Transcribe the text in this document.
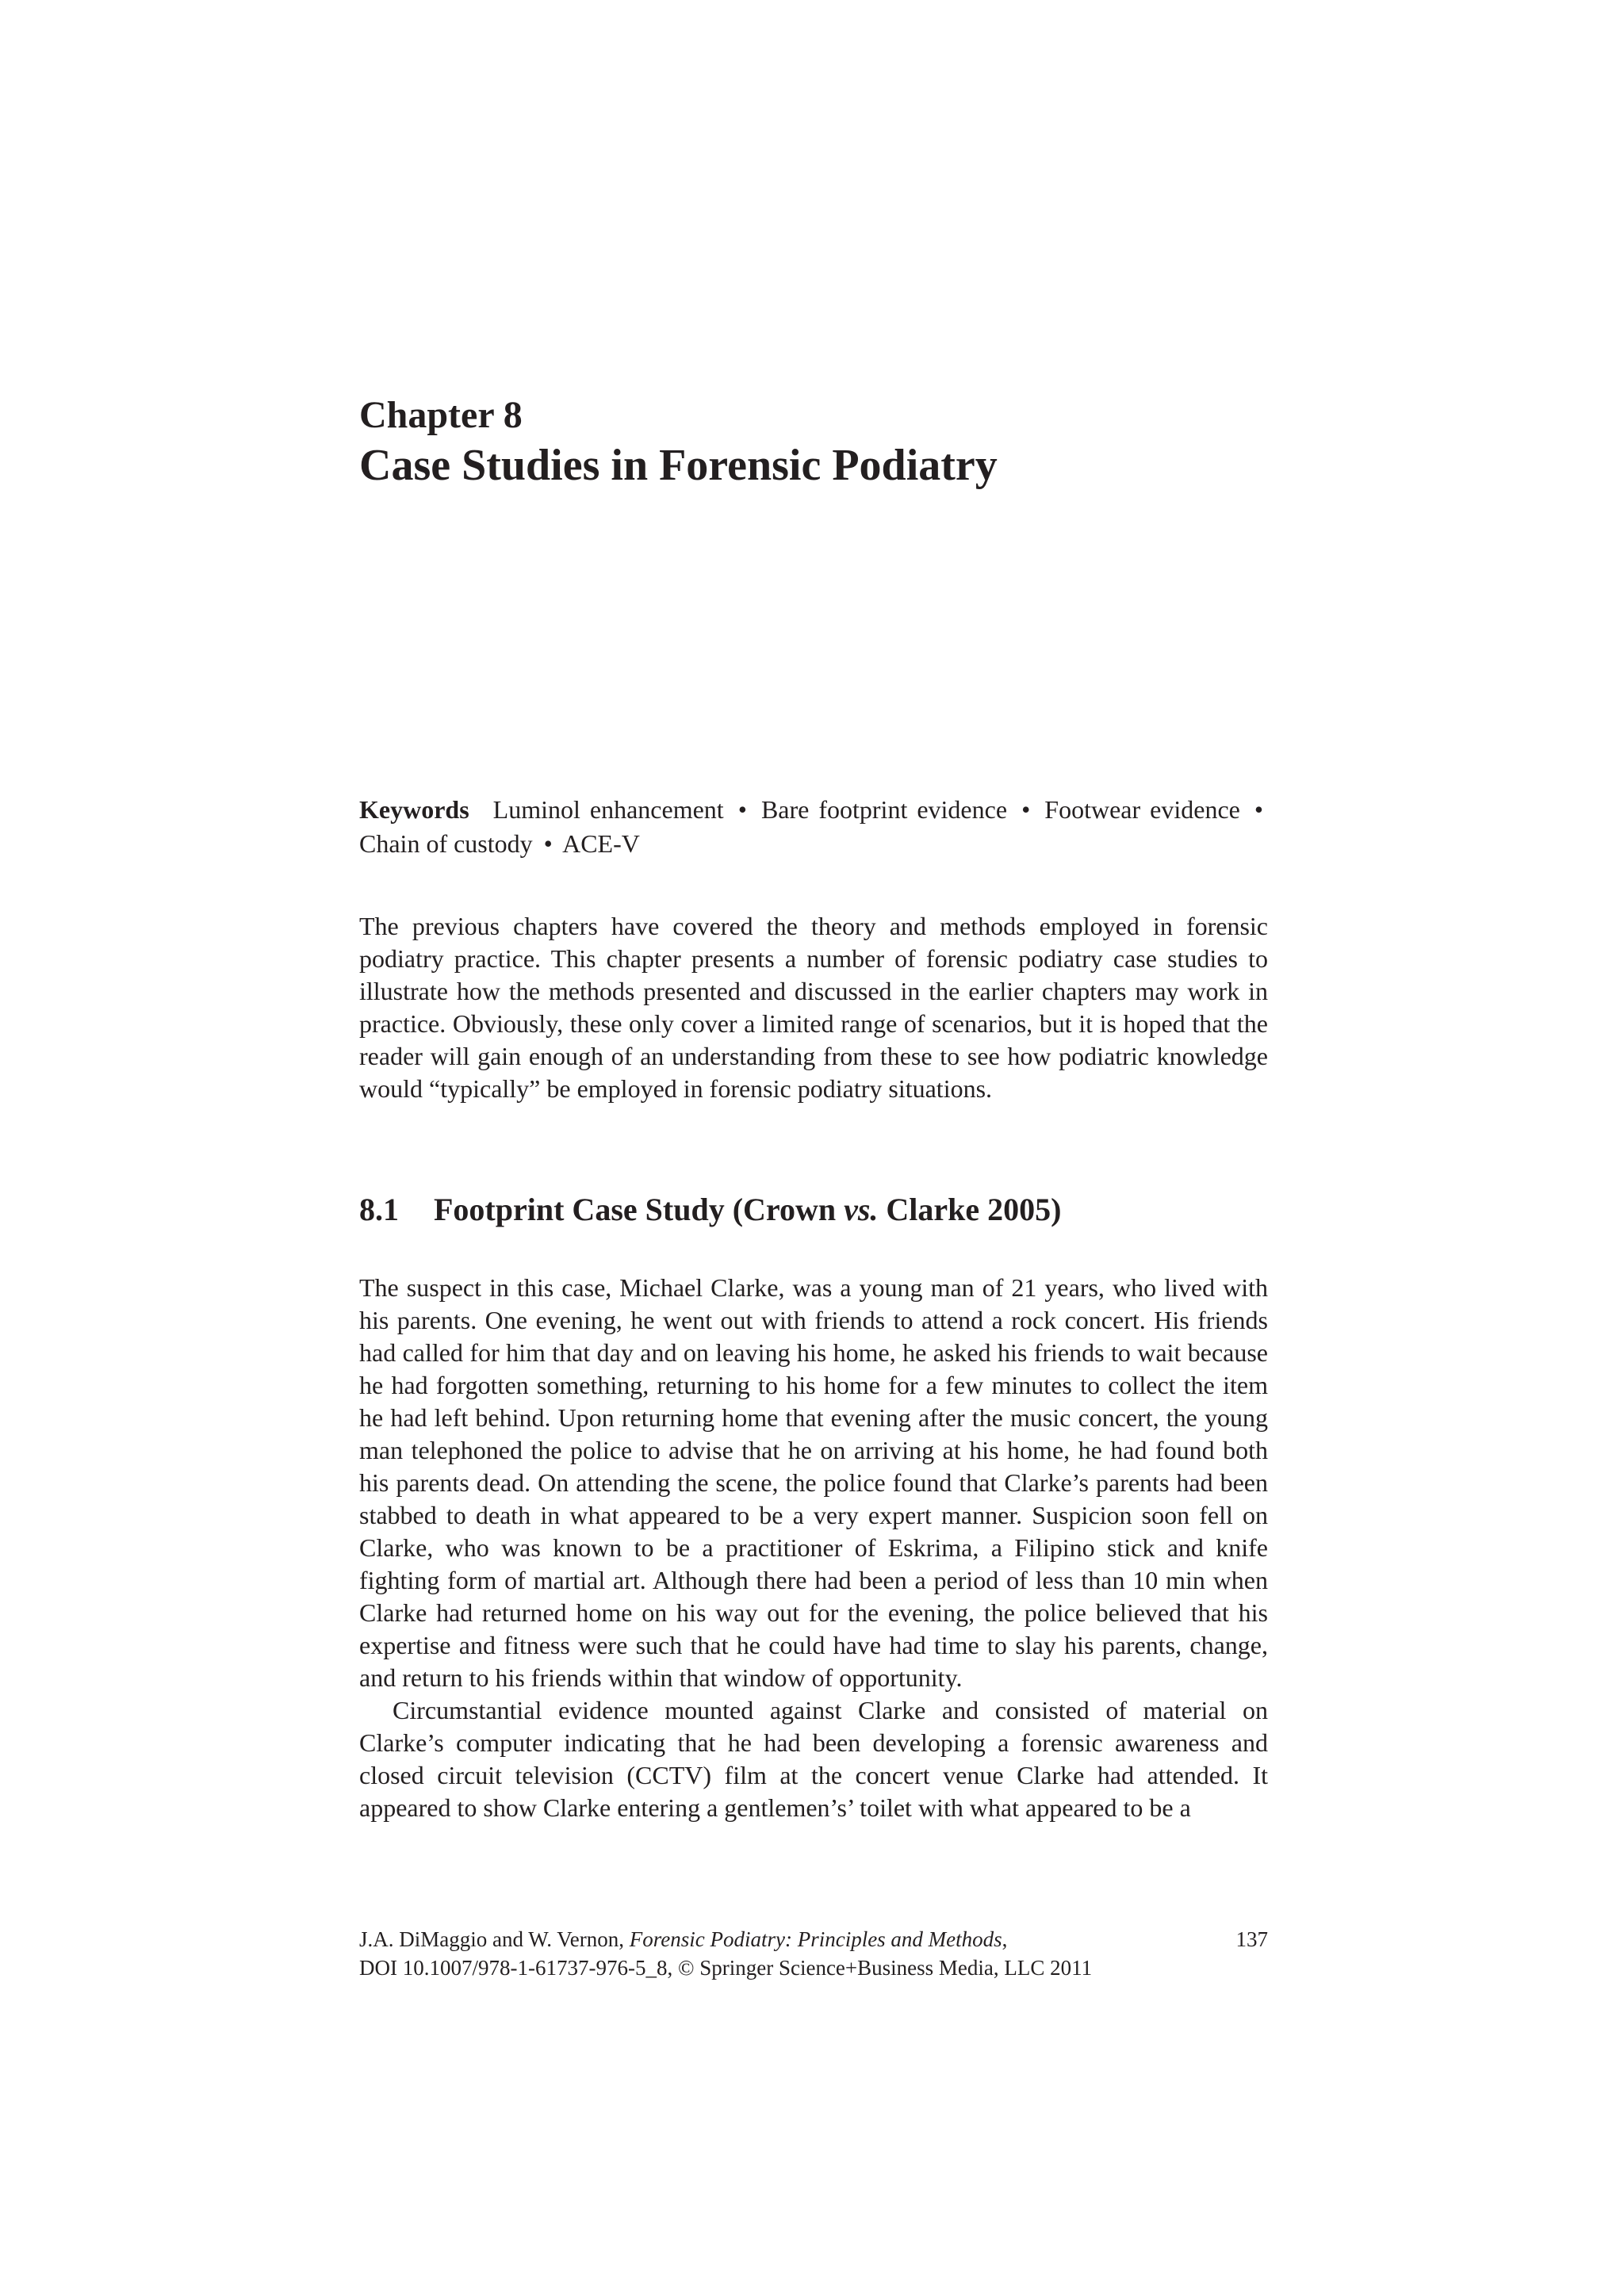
Chapter 8
Case Studies in Forensic Podiatry
Keywords Luminol enhancement • Bare footprint evidence • Footwear evidence • Chain of custody • ACE-V

The previous chapters have covered the theory and methods employed in forensic podiatry practice. This chapter presents a number of forensic podiatry case studies to illustrate how the methods presented and discussed in the earlier chapters may work in practice. Obviously, these only cover a limited range of scenarios, but it is hoped that the reader will gain enough of an understanding from these to see how podiatric knowledge would “typically” be employed in forensic podiatry situations.

8.1 Footprint Case Study (Crown vs. Clarke 2005)

The suspect in this case, Michael Clarke, was a young man of 21 years, who lived with his parents. One evening, he went out with friends to attend a rock concert. His friends had called for him that day and on leaving his home, he asked his friends to wait because he had forgotten something, returning to his home for a few minutes to collect the item he had left behind. Upon returning home that evening after the music concert, the young man telephoned the police to advise that he on arriving at his home, he had found both his parents dead. On attending the scene, the police found that Clarke’s parents had been stabbed to death in what appeared to be a very expert manner. Suspicion soon fell on Clarke, who was known to be a practitioner of Eskrima, a Filipino stick and knife fighting form of martial art. Although there had been a period of less than 10 min when Clarke had returned home on his way out for the evening, the police believed that his expertise and fitness were such that he could have had time to slay his parents, change, and return to his friends within that window of opportunity.

Circumstantial evidence mounted against Clarke and consisted of material on Clarke’s computer indicating that he had been developing a forensic awareness and closed circuit television (CCTV) film at the concert venue Clarke had attended. It appeared to show Clarke entering a gentlemen’s’ toilet with what appeared to be a

J.A. DiMaggio and W. Vernon, Forensic Podiatry: Principles and Methods,	137
DOI 10.1007/978-1-61737-976-5_8, © Springer Science+Business Media, LLC 2011
